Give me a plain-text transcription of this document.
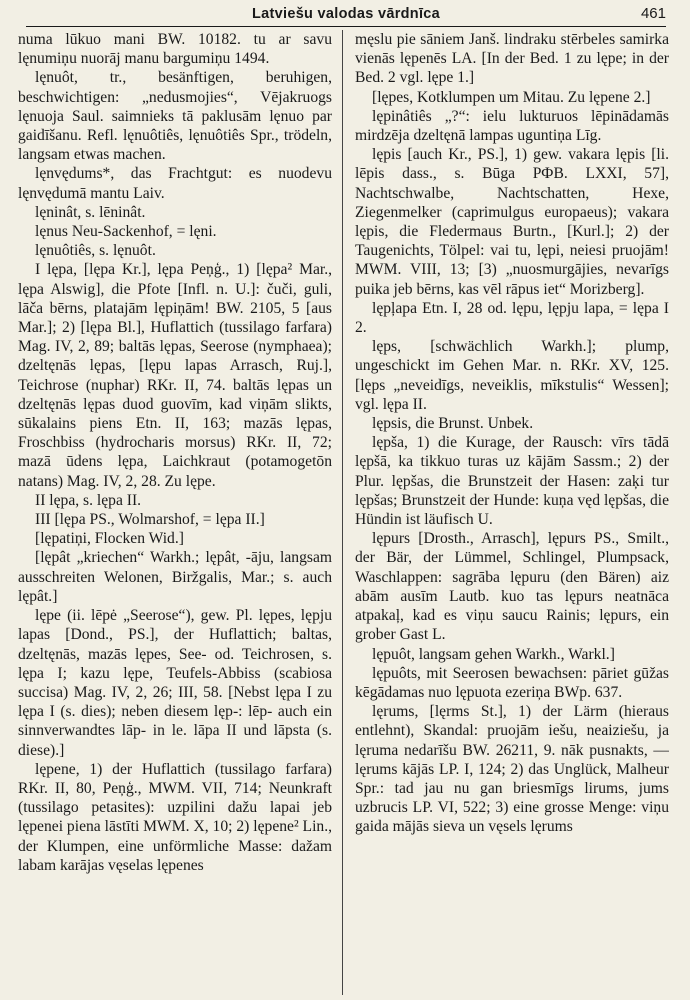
Latviešu valodas vārdnīca	461

numa lūkuo mani BW. 10182. tu ar savu lęnumiņu nuorāj manu bargumiņu 1494.

lęnuôt, tr., besänftigen, beruhigen, beschwichtigen: „nedusmojies“, Vējakruogs lęnuoja Saul. saimnieks tā paklusām lęnuo par gaidīšanu. Refl. lęnuôtiês, lęnuôtiês Spr., trödeln, langsam etwas machen.

lęnvędums*, das Frachtgut: es nuodevu lęnvędumā mantu Laiv.

lęninât, s. lēninât.

lęnus Neu-Sackenhof, = lęni.

lęnuôtiês, s. lęnuôt.

I lępa, [lępa Kr.], lępa Peņģ., 1) [lępa² Mar., lępa Alswig], die Pfote [Infl. n. U.]: čuči, guli, lāča bērns, platajām lępiņām! BW. 2105, 5 [aus Mar.]; 2) [lępa Bl.], Huflattich (tussilago farfara) Mag. IV, 2, 89; baltās lępas, Seerose (nymphaea); dzeltęnās lępas, [lępu lapas Arrasch, Ruj.], Teichrose (nuphar) RKr. II, 74. baltās lępas un dzeltęnās lępas duod guovīm, kad viņām slikts, sūkalains piens Etn. II, 163; mazās lępas, Froschbiss (hydrocharis morsus) RKr. II, 72; mazā ūdens lępa, Laichkraut (potamogetōn natans) Mag. IV, 2, 28. Zu lępe.

II lępa, s. lępa II.

III [lępa PS., Wolmarshof, = lępa II.]

[lępatiņi, Flocken Wid.]

[lępât „kriechen“ Warkh.; lępât, -āju, langsam ausschreiten Welonen, Biržgalis, Mar.; s. auch lępât.]

lępe (ii. lēpė „Seerose“), gew. Pl. lępes, lępju lapas [Dond., PS.], der Huflattich; baltas, dzeltęnās, mazās lępes, See- od. Teichrosen, s. lępa I; kazu lępe, Teufels-Abbiss (scabiosa succisa) Mag. IV, 2, 26; III, 58. [Nebst lępa I zu lępa I (s. dies); neben diesem lęp-: lēp- auch ein sinnverwandtes lāp- in le. lāpa II und lāpsta (s. diese).]

lępene, 1) der Huflattich (tussilago farfara) RKr. II, 80, Peņģ., MWM. VII, 714; Neunkraft (tussilago petasites): uzpilini dažu lapai jeb lępenei piena lāstīti MWM. X, 10; 2) lępene² Lin., der Klumpen, eine unförmliche Masse: dažam labam karājas vęselas lępenes

męslu pie sāniem Janš. lindraku stērbeles samirka vienās lępenēs LA. [In der Bed. 1 zu lępe; in der Bed. 2 vgl. lępe 1.]

[lępes, Kotklumpen um Mitau. Zu lępene 2.]

lępinâtiês „?“: ielu lukturuos lēpinādamās mirdzēja dzeltęnā lampas uguntiņa Līg.

lępis [auch Kr., PS.], 1) gew. vakara lępis [li. lēpis dass., s. Būga РФВ. LXXI, 57], Nachtschwalbe, Nachtschatten, Hexe, Ziegenmelker (caprimulgus europaeus); vakara lępis, die Fledermaus Burtn., [Kurl.]; 2) der Taugenichts, Tölpel: vai tu, lępi, neiesi pruojām! MWM. VIII, 13; [3) „nuosmurgājies, nevarīgs puika jeb bērns, kas vēl rāpus iet“ Morizberg].

lępļapa Etn. I, 28 od. lępu, lępju lapa, = lępa I 2.

lęps, [schwächlich Warkh.]; plump, ungeschickt im Gehen Mar. n. RKr. XV, 125. [lęps „neveidīgs, neveiklis, mīkstulis“ Wessen]; vgl. lępa II.

lępsis, die Brunst. Unbek.

lępša, 1) die Kurage, der Rausch: vīrs tādā lępšā, ka tikkuo turas uz kājām Sassm.; 2) der Plur. lępšas, die Brunstzeit der Hasen: zaķi tur lępšas; Brunstzeit der Hunde: kuņa vęd lępšas, die Hündin ist läufisch U.

lępurs [Drosth., Arrasch], lępurs PS., Smilt., der Bär, der Lümmel, Schlingel, Plumpsack, Waschlappen: sagrāba lępuru (den Bären) aiz abām ausīm Lautb. kuo tas lępurs neatnāca atpakaļ, kad es viņu saucu Rainis; lępurs, ein grober Gast L.

lępuôt, langsam gehen Warkh., Warkl.]

lępuôts, mit Seerosen bewachsen: pāriet gūžas kēgādamas nuo lępuota ezeriņa BWp. 637.

lęrums, [lęrms St.], 1) der Lärm (hieraus entlehnt), Skandal: pruojām iešu, neaiziešu, ja lęruma nedarīšu BW. 26211, 9. nāk pusnakts, — lęrums kājās LP. I, 124; 2) das Unglück, Malheur Spr.: tad jau nu gan briesmīgs lirums, jums uzbrucis LP. VI, 522; 3) eine grosse Menge: viņu gaida mājās sieva un vęsels lęrums
